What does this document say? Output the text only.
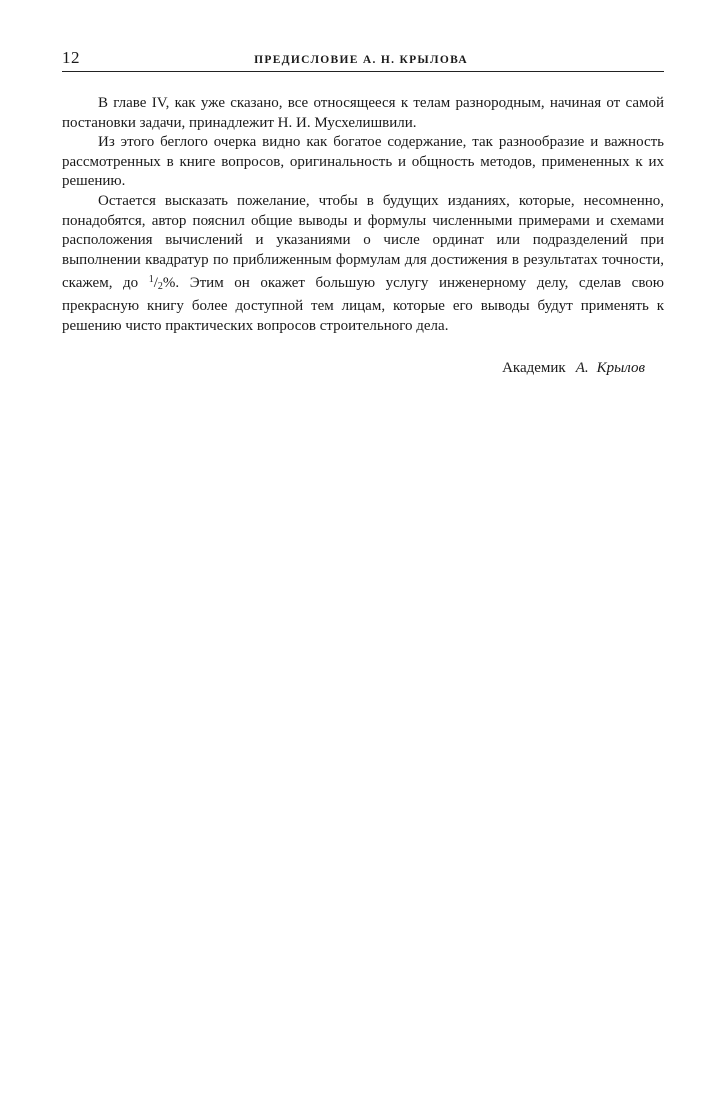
12	ПРЕДИСЛОВИЕ А. Н. КРЫЛОВА

В главе IV, как уже сказано, все относящееся к телам разнородным, начиная от самой постановки задачи, принадлежит Н. И. Мусхелишвили.

Из этого беглого очерка видно как богатое содержание, так разнообразие и важность рассмотренных в книге вопросов, оригинальность и общность методов, примененных к их решению.

Остается высказать пожелание, чтобы в будущих изданиях, которые, несомненно, понадобятся, автор пояснил общие выводы и формулы численными примерами и схемами расположения вычислений и указаниями о числе ординат или подразделений при выполнении квадратур по приближенным формулам для достижения в результатах точности, скажем, до $^1/_2\%$. Этим он окажет большую услугу инженерному делу, сделав свою прекрасную книгу более доступной тем лицам, которые его выводы будут применять к решению чисто практических вопросов строительного дела.

Академик А. Крылов
